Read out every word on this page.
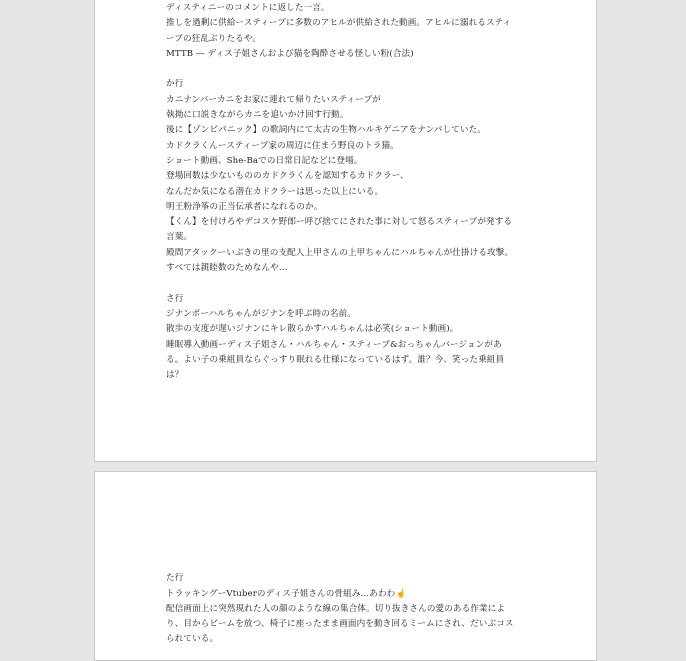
ディスティニーのコメントに返した一言。
推しを過剰に供給ースティーブに多数のアヒルが供給された動画。アヒルに溺れるスティ
ーブの狂乱ぶりたるや。
MTTB ― ディス子姐さんおよび猫を陶酔させる怪しい粉(合法)
か行
カニナンバーカニをお家に連れて帰りたいスティーブが
執拗に口説きながらカニを追いかけ回す行動。
後に【ゾンビパニック】の歌詞内にて太古の生物ハルキゲニアをナンパしていた。
カドクラくんースティーブ家の周辺に住まう野良のトラ猫。
ショート動画、She-Baでの日常日記などに登場。
登場回数は少ないもののカドクラくんを認知するカドクラー、
なんだか気になる潜在カドクラーは思った以上にいる。
明王粉浄筝の正当伝承者になれるのか。
【くん】を付けろやデコスケ野郎ー呼び捨てにされた事に対して怒るスティーブが発する
言葉。
殿間アタックーいぶきの里の支配人上甲さんの上甲ちゃんにハルちゃんが仕掛ける攻撃。
すべては親睦数のためなんや…
さ行
ジナンボーハルちゃんがジナンを呼ぶ時の名前。
散歩の支度が遅いジナンにキレ散らかすハルちゃんは必笑(ショート動画)。
睡眠導入動画ーディス子姐さん・ハルちゃん・スティーブ&おっちゃんバージョンがあ
る。よい子の乗組員ならぐっすり眠れる仕様になっているはず。誰？今、笑った乗組員
は？
た行
トラッキングーVtuberのディス子姐さんの骨組み…あわわ☝
配信画面上に突然現れた人の顔のような線の集合体。切り抜きさんの愛のある作業によ
り、目からビームを放つ、椅子に座ったまま画面内を動き回るミームにされ、だいぶコス
られている。
